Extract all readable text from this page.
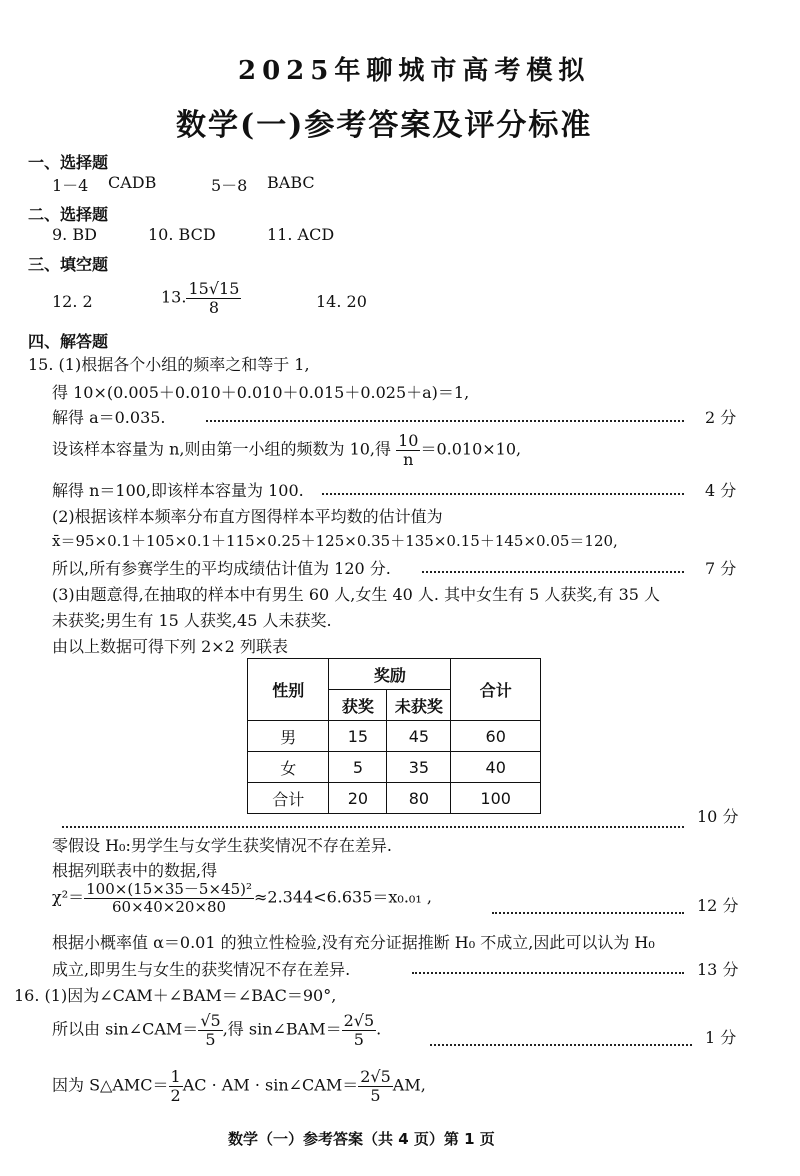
2025年聊城市高考模拟
数学(一)参考答案及评分标准
一、选择题
1－4 CADB	5－8 BABC
二、选择题
9. BD	10. BCD	11. ACD
三、填空题
12. 2	13. $\frac{15√15}{8}$	14. 20
四、解答题
15. (1)根据各个小组的频率之和等于 1,
得 10×(0.005＋0.010＋0.010＋0.015＋0.025＋a)＝1,
解得 a＝0.035.	2 分
设该样本容量为 n,则由第一小组的频数为 10,得 $\frac{10}{n} =0.010\times 10$,
解得 n＝100,即该样本容量为 100.	4 分
(2)根据该样本频率分布直方图得样本平均数的估计值为
x̄＝95×0.1＋105×0.1＋115×0.25＋125×0.35＋135×0.15＋145×0.05＝120,
所以,所有参赛学生的平均成绩估计值为 120 分.	7 分
(3)由题意得,在抽取的样本中有男生 60 人,女生 40 人. 其中女生有 5 人获奖,有 35 人
未获奖;男生有 15 人获奖,45 人未获奖.
由以上数据可得下列 2×2 列联表
性别	奖励		合计
	获奖	未获奖	
男	15	45	60
女	5	35	40
合计	20	80	100
10 分
零假设 H₀:男学生与女学生获奖情况不存在差异.
根据列联表中的数据,得
$\chi^2= \frac{\text{100×(15×35－5×45)²}}{60\times 40\times 20\times 80} \approx 2.344<6.635=x_0._{01}$ ,	12 分
根据小概率值 α＝0.01 的独立性检验,没有充分证据推断 H₀ 不成立,因此可以认为 H₀
成立,即男生与女生的获奖情况不存在差异.	13 分
16. (1)因为∠CAM＋∠BAM＝∠BAC＝90°,
所以由 sin∠CAM＝ $\frac{√5}{5}$ ,得 sin∠BAM＝ $\frac{2√5}{5}$ .	1 分
因为 S△AMC＝ $\frac{1}{2}$ AC · AM · sin∠CAM＝ $\frac{2√5}{5}$ AM,
数学（一）参考答案（共 4 页）第 1 页
